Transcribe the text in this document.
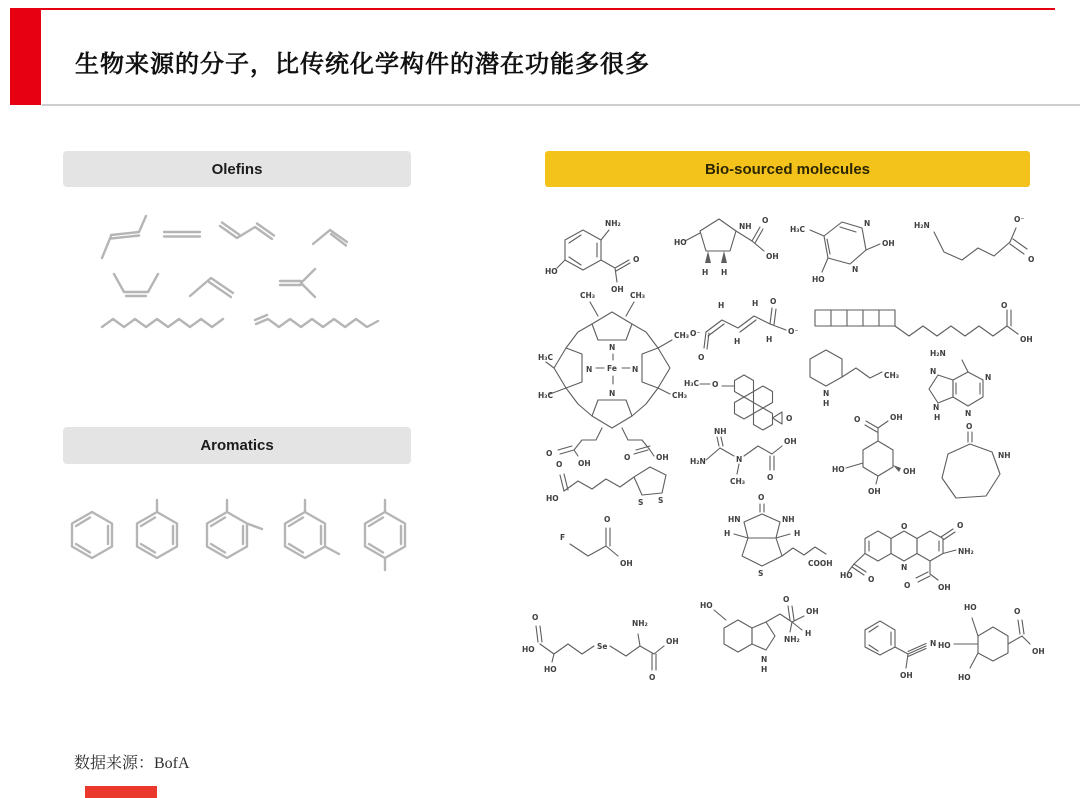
生物来源的分子，比传统化学构件的潜在功能多很多
Olefins
Aromatics
Bio-sourced molecules
NH₂
HO
O
OH
NH
HO
H H
O
OH
N
N
H₃C
OH
HO
H₂N
O⁻
O
CH₃	CH₃
CH₃
H₃C
H₃C	CH₃
N
N	N
N
Fe
O
OH
O	OH
O⁻
O
O
O⁻
H	H
H	H
O
OH
H₃C O
O
N
H
CH₃
H₂N
N
N
N
N
H
O
HO	S S
NH
H₂N	N
CH₃
OH
O
O	OH
HO	OH
OH
O
NH
F
O
OH
O
HN	NH
H	H
S
COOH
O
N
O
NH₂
HO O
O	OH
HO
O
HO
Se
NH₂
OH
O
HO
O
OH
NH₂
H
N
H
OH
N
HO
HO
HO
O
OH
数据来源：BofA
